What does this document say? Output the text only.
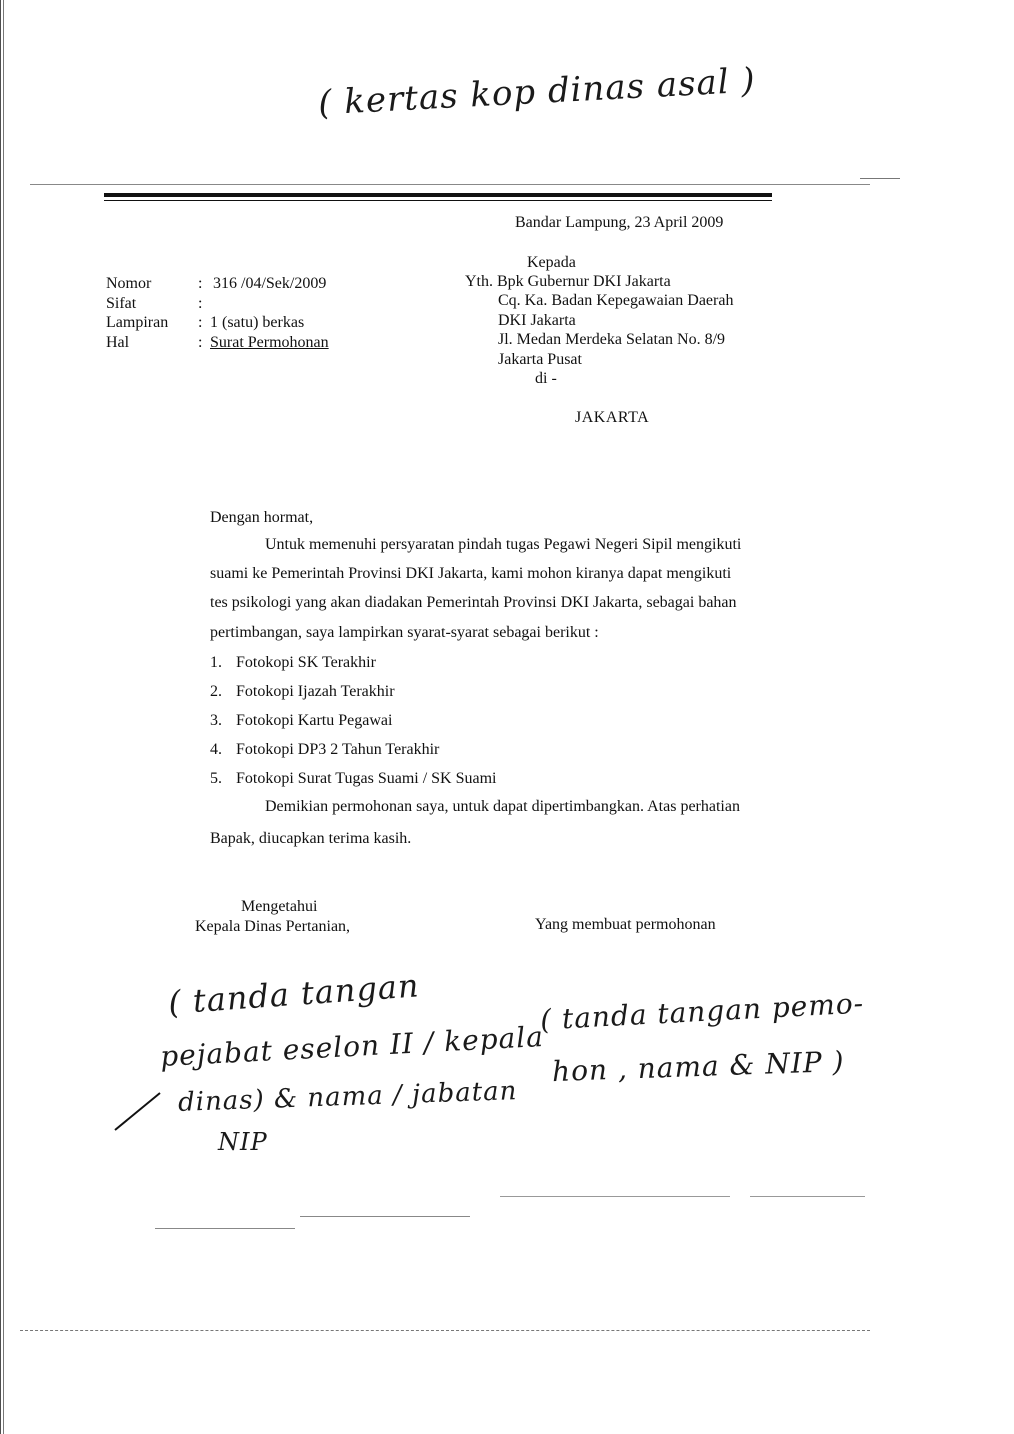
( kertas kop dinas asal )
Bandar Lampung, 23 April 2009
Kepada
Yth. Bpk Gubernur DKI Jakarta
Cq. Ka. Badan Kepegawaian Daerah
DKI Jakarta
Jl. Medan Merdeka Selatan No. 8/9
Jakarta Pusat
di -
JAKARTA
Nomor	: 316 /04/Sek/2009
Sifat	:
Lampiran : 1 (satu) berkas
Hal	: Surat Permohonan
Dengan hormat,
Untuk memenuhi persyaratan pindah tugas Pegawi Negeri Sipil mengikuti
suami ke Pemerintah Provinsi DKI Jakarta, kami mohon kiranya dapat mengikuti
tes psikologi yang akan diadakan Pemerintah Provinsi DKI Jakarta, sebagai bahan
pertimbangan, saya lampirkan syarat-syarat sebagai berikut :
1. Fotokopi SK Terakhir
2. Fotokopi Ijazah Terakhir
3. Fotokopi Kartu Pegawai
4. Fotokopi DP3 2 Tahun Terakhir
5. Fotokopi Surat Tugas Suami / SK Suami
Demikian permohonan saya, untuk dapat dipertimbangkan. Atas perhatian
Bapak, diucapkan terima kasih.
Mengetahui
Kepala Dinas Pertanian,	Yang membuat permohonan
( tanda tangan
pejabat eselon II / kepala
dinas) & nama / jabatan
NIP
( tanda tangan pemo-
hon , nama & NIP )
